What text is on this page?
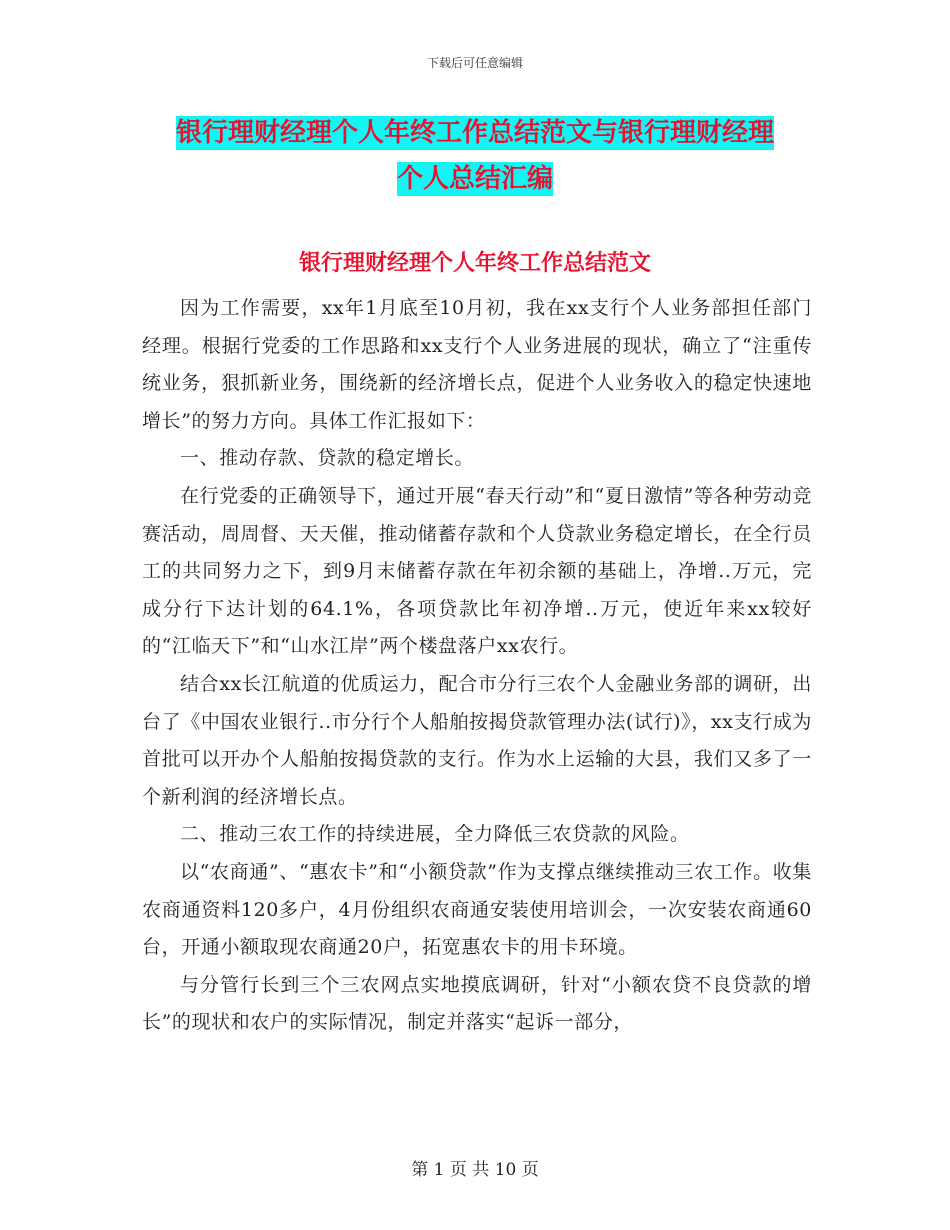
下载后可任意编辑
银行理财经理个人年终工作总结范文与银行理财经理
个人总结汇编
银行理财经理个人年终工作总结范文

因为工作需要，xx年1月底至10月初，我在xx支行个人业务部担任部门经理。根据行党委的工作思路和xx支行个人业务进展的现状，确立了“注重传统业务，狠抓新业务，围绕新的经济增长点，促进个人业务收入的稳定快速地增长”的努力方向。具体工作汇报如下：

一、推动存款、贷款的稳定增长。

在行党委的正确领导下，通过开展“春天行动”和“夏日激情”等各种劳动竞赛活动，周周督、天天催，推动储蓄存款和个人贷款业务稳定增长，在全行员工的共同努力之下，到9月末储蓄存款在年初余额的基础上，净增..万元，完成分行下达计划的64.1%，各项贷款比年初净增..万元，使近年来xx较好的“江临天下”和“山水江岸”两个楼盘落户xx农行。

结合xx长江航道的优质运力，配合市分行三农个人金融业务部的调研，出台了《中国农业银行..市分行个人船舶按揭贷款管理办法(试行)》，xx支行成为首批可以开办个人船舶按揭贷款的支行。作为水上运输的大县，我们又多了一个新利润的经济增长点。

二、推动三农工作的持续进展，全力降低三农贷款的风险。

以“农商通”、“惠农卡”和“小额贷款”作为支撑点继续推动三农工作。收集农商通资料120多户，4月份组织农商通安装使用培训会，一次安装农商通60台，开通小额取现农商通20户，拓宽惠农卡的用卡环境。

与分管行长到三个三农网点实地摸底调研，针对“小额农贷不良贷款的增长”的现状和农户的实际情况，制定并落实“起诉一部分，

第 1 页 共 10 页
